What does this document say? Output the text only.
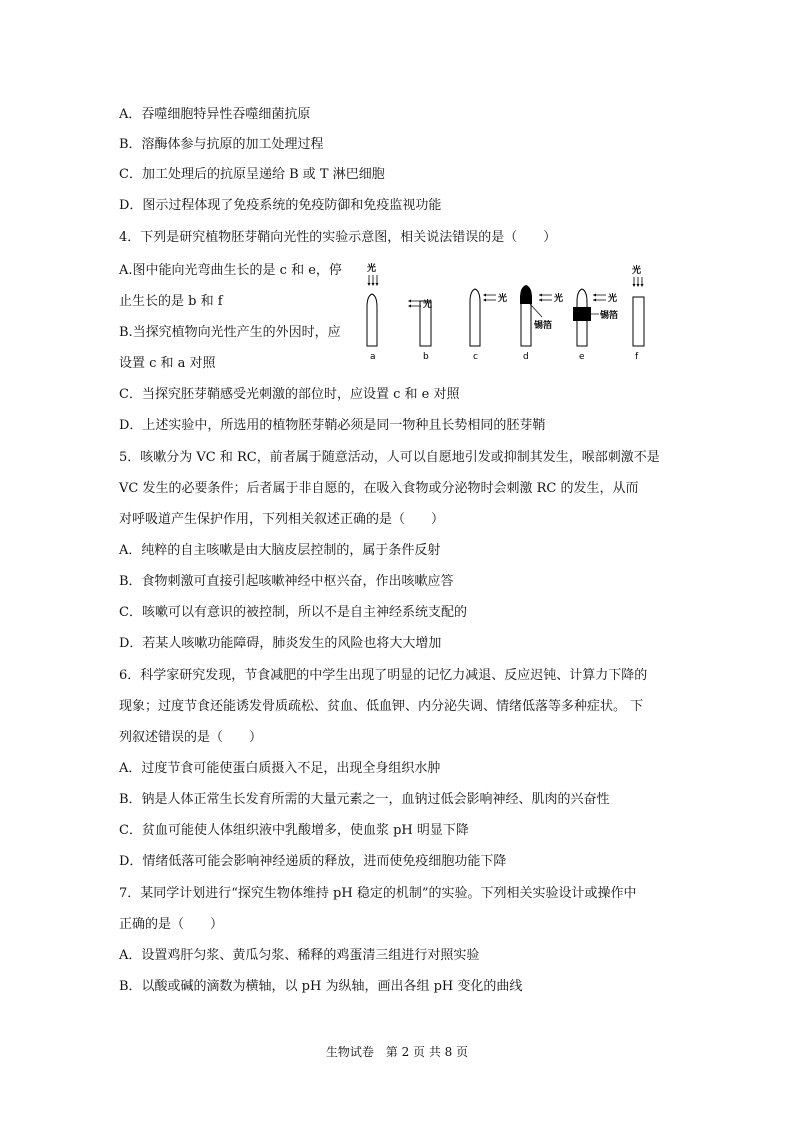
A．吞噬细胞特异性吞噬细菌抗原
B．溶酶体参与抗原的加工处理过程
C．加工处理后的抗原呈递给 B 或 T 淋巴细胞
D．图示过程体现了免疫系统的免疫防御和免疫监视功能
4．下列是研究植物胚芽鞘向光性的实验示意图，相关说法错误的是（　　）
A.图中能向光弯曲生长的是 c 和 e，停
止生长的是 b 和 f
B.当探究植物向光性产生的外因时，应
设置 c 和 a 对照
光
a
光
b
光
c
锡箔
光
d
锡箔
光
e
光
f
C．当探究胚芽鞘感受光刺激的部位时，应设置 c 和 e 对照
D．上述实验中，所选用的植物胚芽鞘必须是同一物种且长势相同的胚芽鞘
5．咳嗽分为 VC 和 RC，前者属于随意活动，人可以自愿地引发或抑制其发生，喉部刺激不是
VC 发生的必要条件；后者属于非自愿的，在吸入食物或分泌物时会刺激 RC 的发生，从而
对呼吸道产生保护作用，下列相关叙述正确的是（　　）
A．纯粹的自主咳嗽是由大脑皮层控制的，属于条件反射
B．食物刺激可直接引起咳嗽神经中枢兴奋，作出咳嗽应答
C．咳嗽可以有意识的被控制，所以不是自主神经系统支配的
D．若某人咳嗽功能障碍，肺炎发生的风险也将大大增加
6．科学家研究发现，节食减肥的中学生出现了明显的记忆力减退、反应迟钝、计算力下降的
现象；过度节食还能诱发骨质疏松、贫血、低血钾、内分泌失调、情绪低落等多种症状。 下
列叙述错误的是（　　）
A．过度节食可能使蛋白质摄入不足，出现全身组织水肿
B．钠是人体正常生长发育所需的大量元素之一，血钠过低会影响神经、肌肉的兴奋性
C．贫血可能使人体组织液中乳酸增多，使血浆 pH 明显下降
D．情绪低落可能会影响神经递质的释放，进而使免疫细胞功能下降
7．某同学计划进行“探究生物体维持 pH 稳定的机制”的实验。下列相关实验设计或操作中
正确的是（　　）
A．设置鸡肝匀浆、黄瓜匀浆、稀释的鸡蛋清三组进行对照实验
B．以酸或碱的滴数为横轴，以 pH 为纵轴，画出各组 pH 变化的曲线
生物试卷 第 2 页 共 8 页
